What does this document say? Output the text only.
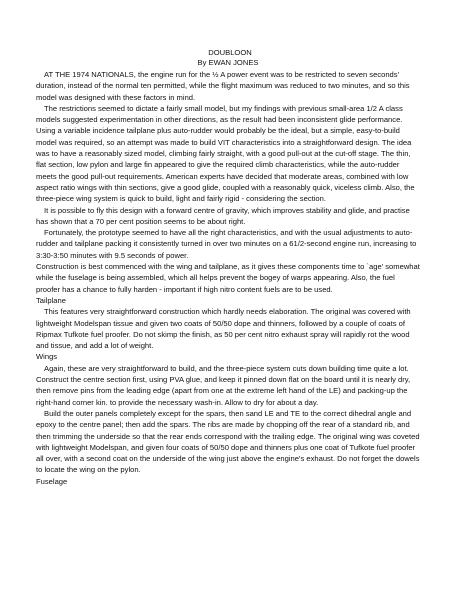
DOUBLOON
By EWAN JONES

AT THE 1974 NATIONALS, the engine run for the ½ A power event was to be restricted to seven seconds' duration, instead of the normal ten permitted, while the flight maximum was reduced to two minutes, and so this model was designed with these factors in mind.

The restrictions seemed to dictate a fairly small model, but my findings with previous small-area 1/2 A class models suggested experimentation in other directions, as the result had been inconsistent glide performance. Using a variable incidence tailplane plus auto-rudder would probably be the ideal, but a simple, easy-to-build model was required, so an attempt was made to build VIT characteristics into a straightforward design. The idea was to have a reasonably sized model, climbing fairly straight, with a good pull-out at the cut-off stage. The thin, flat section, low pylon and large fin appeared to give the required climb characteristics, while the auto-rudder meets the good pull-out requirements. American experts have decided that moderate areas, combined with low aspect ratio wings with thin sections, give a good glide, coupled with a reasonably quick, viceless climb. Also, the three-piece wing system is quick to build, light and fairly rigid - considering the section.

It is possible to fly this design with a forward centre of gravity, which improves stability and glide, and practise has shown that a 70 per cent position seems to be about right.

Fortunately, the prototype seemed to have all the right characteristics, and with the usual adjustments to auto-rudder and tailplane packing it consistently turned in over two minutes on a 61/2-second engine run, increasing to 3:30-3:50 minutes with 9.5 seconds of power.

Construction is best commenced with the wing and tailplane, as it gives these components time to `age' somewhat while the fuselage is being assembled, which all helps prevent the bogey of warps appearing. Also, the fuel proofer has a chance to fully harden - important if high nitro content fuels are to be used.

Tailplane

This features very straightforward construction which hardly needs elaboration. The original was covered with lightweight Modelspan tissue and given two coats of 50/50 dope and thinners, followed by a couple of coats of Ripmax Tufkote fuel proofer. Do not skimp the finish, as 50 per cent nitro exhaust spray will rapidly rot the wood and tissue, and add a lot of weight.

Wings

Again, these are very straightforward to build, and the three-piece system cuts down building time quite a lot. Construct the centre section first, using PVA glue, and keep it pinned down flat on the board until it is nearly dry, then remove pins from the leading edge (apart from one at the extreme left hand of the LE) and packing-up the right-hand corner kin. to provide the necessary wash-in. Allow to dry for about a day.

Build the outer panels completely except for the spars, then sand LE and TE to the correct dihedral angle and epoxy to the centre panel; then add the spars. The ribs are made by chopping off the rear of a standard rib, and then trimming the underside so that the rear ends correspond with the trailing edge. The original wing was coveted with lightweight Modelspan, and given four coats of 50/50 dope and thinners plus one coat of Tufkote fuel proofer all over, with a second coat on the underside of the wing just above the engine's exhaust. Do not forget the dowels to locate the wing on the pylon.

Fuselage
